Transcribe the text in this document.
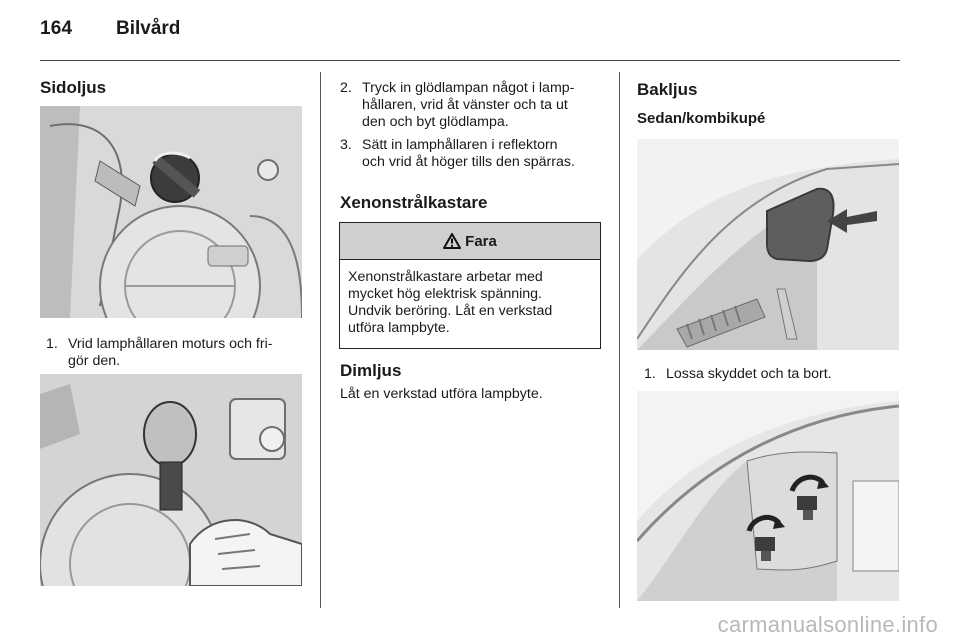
164 Bilvård
Sidoljus
1. Vrid lamphållaren moturs och fri-
gör den.
2. Tryck in glödlampan något i lamp-
hållaren, vrid åt vänster och ta ut
den och byt glödlampa.
3. Sätt in lamphållaren i reflektorn
och vrid åt höger tills den spärras.
Xenonstrålkastare
Fara
Xenonstrålkastare arbetar med
mycket hög elektrisk spänning.
Undvik beröring. Låt en verkstad
utföra lampbyte.
Dimljus
Låt en verkstad utföra lampbyte.
Bakljus
Sedan/kombikupé
1. Lossa skyddet och ta bort.
carmanualsonline.info
